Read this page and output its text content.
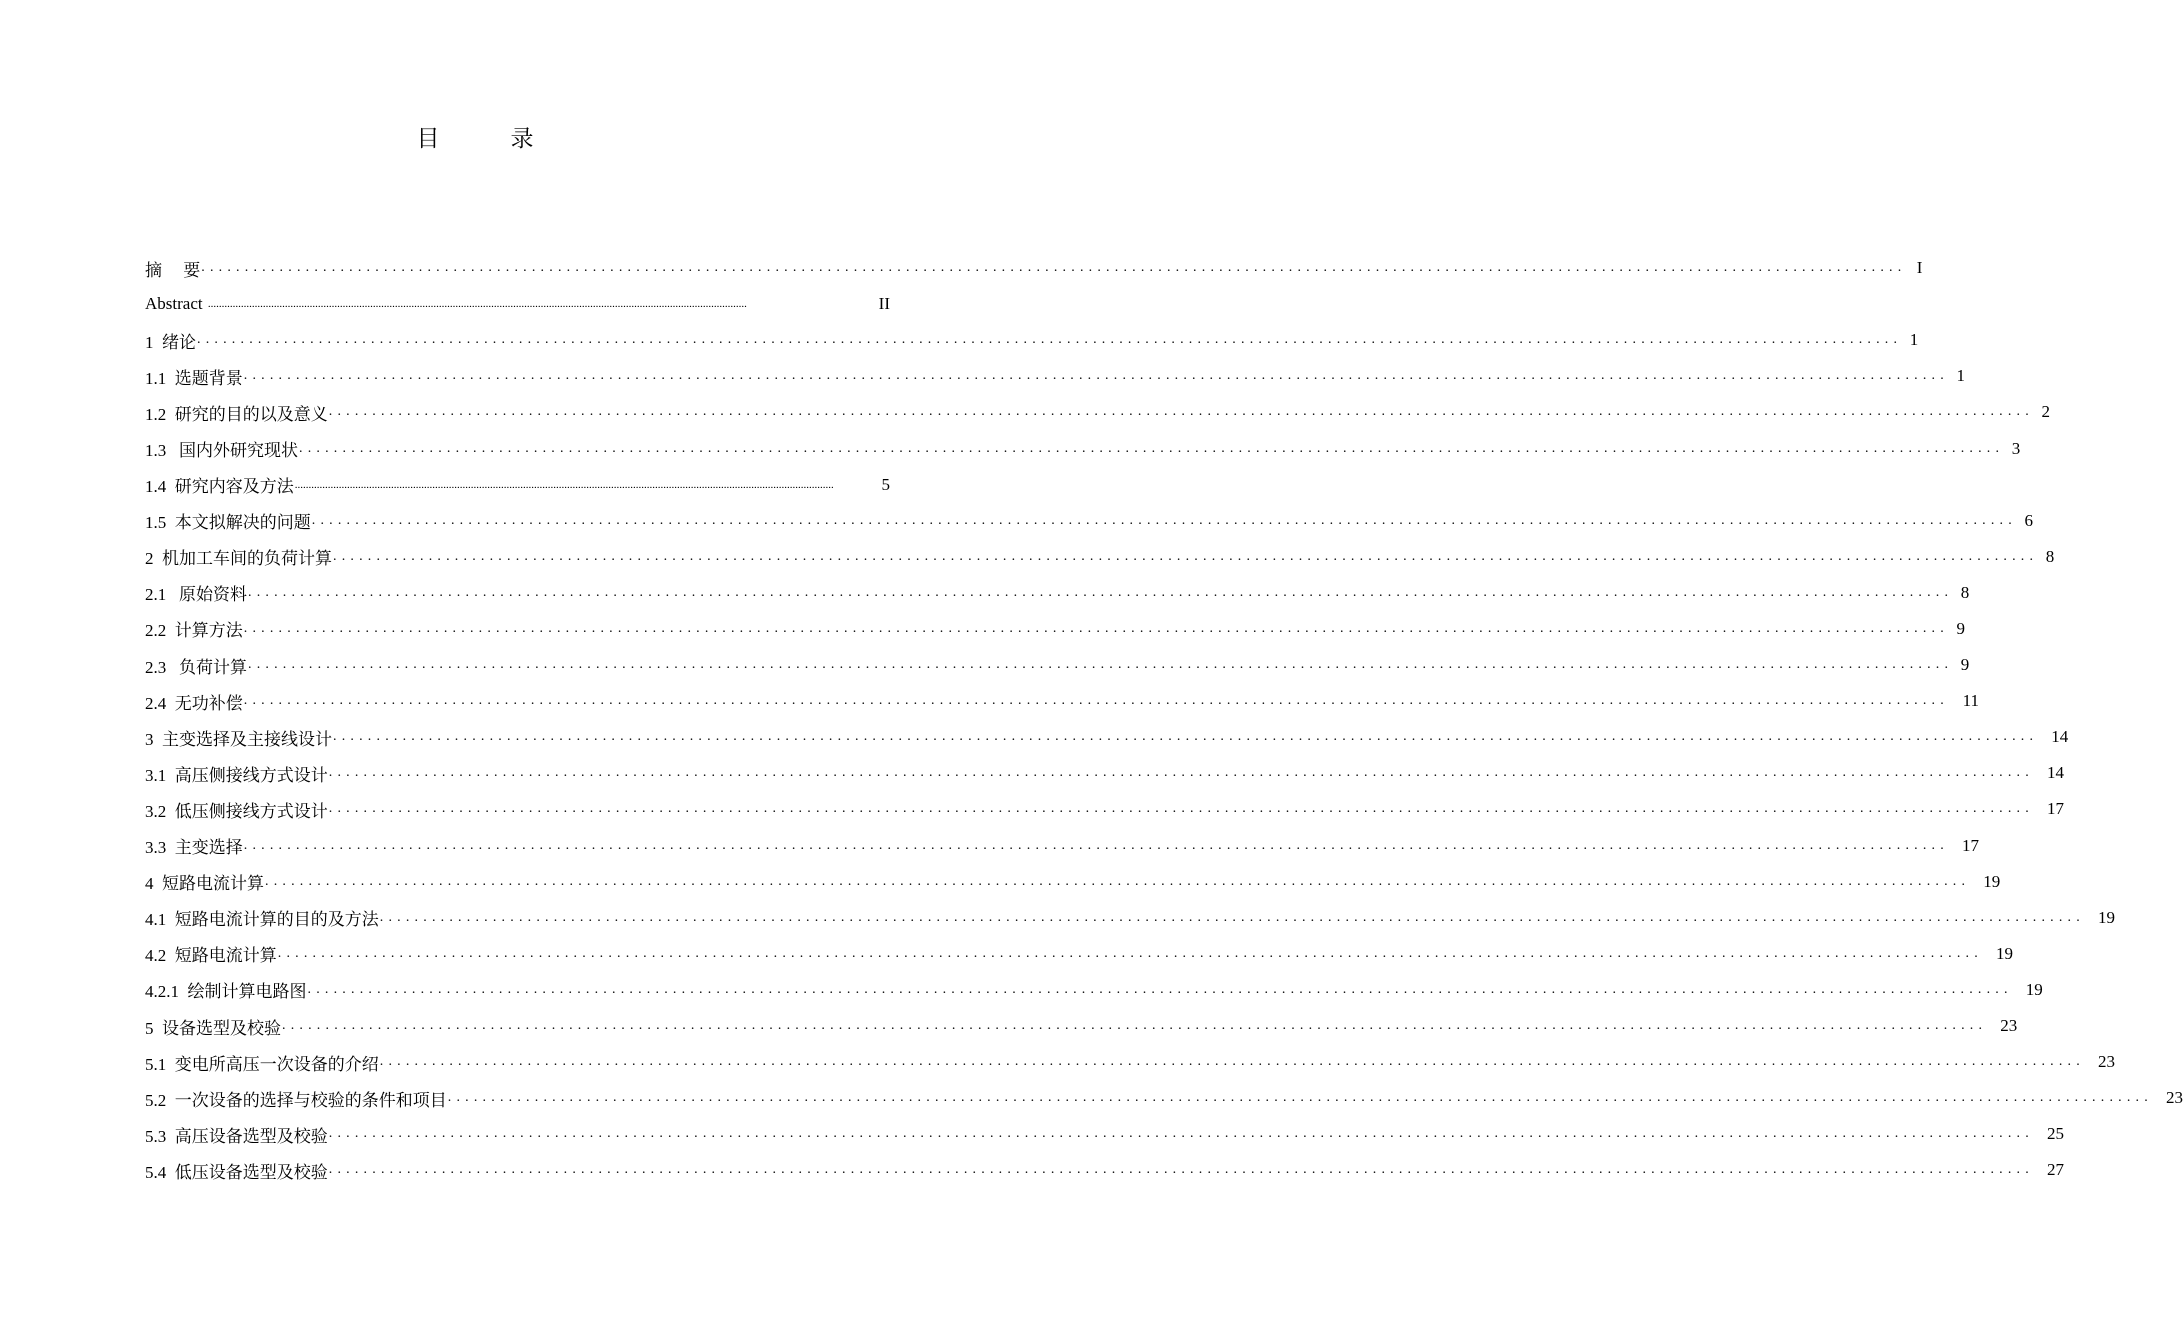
目　录
摘　 要 .................................................................................................................................................................................................... I
Abstract ....................................................................................................................................................................................................	II
1  绪论 .................................................................................................................................................................................................... 1
1.1  选题背景 .................................................................................................................................................................................................... 1
1.2  研究的目的以及意义 .................................................................................................................................................................................................... 2
1.3   国内外研究现状 .................................................................................................................................................................................................... 3
1.4  研究内容及方法 ....................................................................................................................................................................................................	5
1.5  本文拟解决的问题 .................................................................................................................................................................................................... 6
2  机加工车间的负荷计算 .................................................................................................................................................................................................... 8
2.1   原始资料 .................................................................................................................................................................................................... 8
2.2  计算方法 .................................................................................................................................................................................................... 9
2.3   负荷计算 .................................................................................................................................................................................................... 9
2.4  无功补偿 .................................................................................................................................................................................................... 11
3  主变选择及主接线设计 .................................................................................................................................................................................................... 14
3.1  高压侧接线方式设计 .................................................................................................................................................................................................... 14
3.2  低压侧接线方式设计 .................................................................................................................................................................................................... 17
3.3  主变选择 .................................................................................................................................................................................................... 17
4  短路电流计算 .................................................................................................................................................................................................... 19
4.1  短路电流计算的目的及方法 .................................................................................................................................................................................................... 19
4.2  短路电流计算 .................................................................................................................................................................................................... 19
4.2.1  绘制计算电路图 .................................................................................................................................................................................................... 19
5  设备选型及校验 .................................................................................................................................................................................................... 23
5.1  变电所高压一次设备的介绍 .................................................................................................................................................................................................... 23
5.2  一次设备的选择与校验的条件和项目 .................................................................................................................................................................................................... 23
5.3  高压设备选型及校验 .................................................................................................................................................................................................... 25
5.4  低压设备选型及校验 .................................................................................................................................................................................................... 27
